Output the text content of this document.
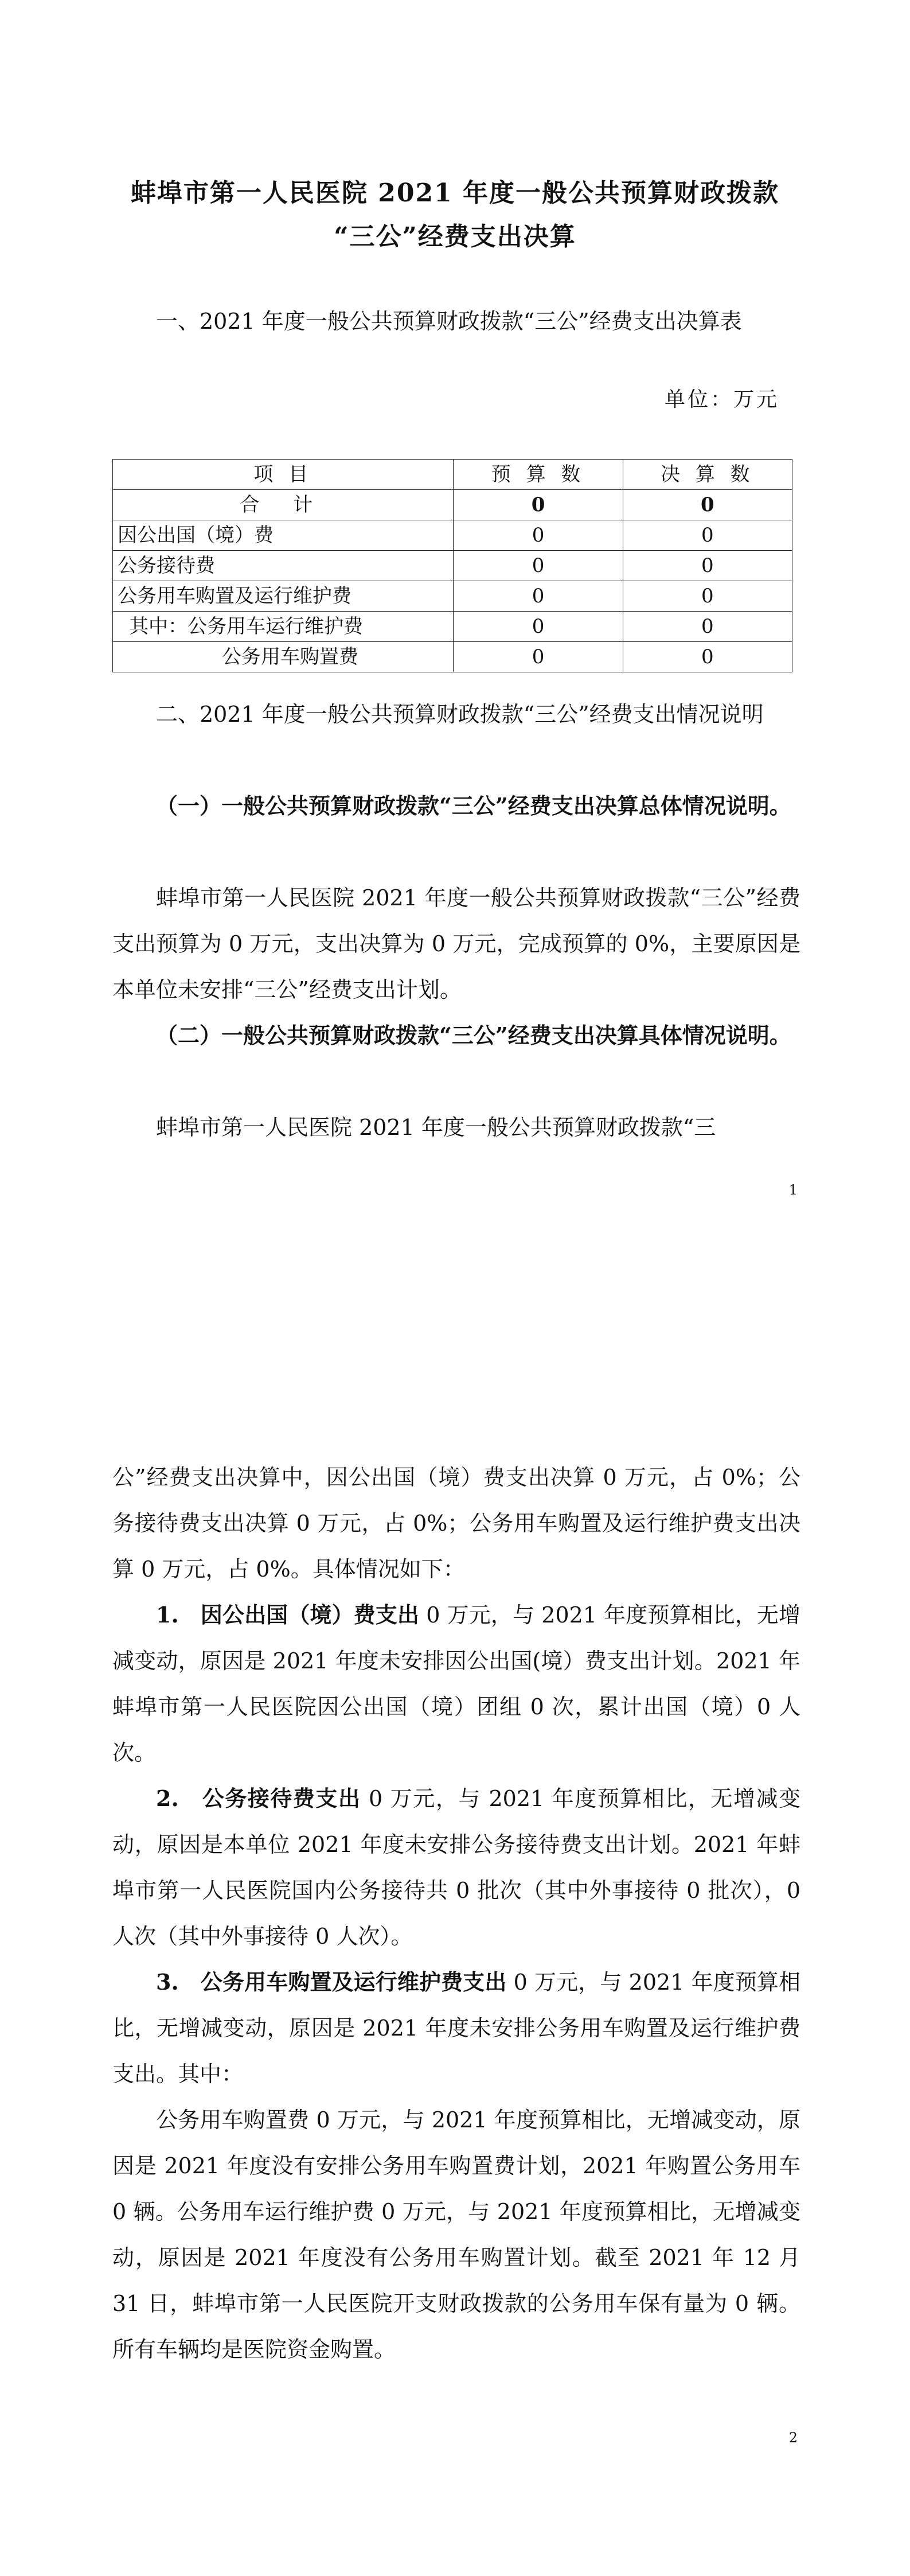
蚌埠市第一人民医院 2021 年度一般公共预算财政拨款
“三公”经费支出决算

一、2021 年度一般公共预算财政拨款“三公”经费支出决算表

单位：万元
项 目	预 算 数	决 算 数
合 计	0	0
因公出国（境）费	0	0
公务接待费	0	0
公务用车购置及运行维护费	0	0
其中：公务用车运行维护费	0	0
公务用车购置费	0	0

二、2021 年度一般公共预算财政拨款“三公”经费支出情况说明

（一）一般公共预算财政拨款“三公”经费支出决算总体情况说明。

蚌埠市第一人民医院 2021 年度一般公共预算财政拨款“三公”经费支出预算为 0 万元，支出决算为 0 万元，完成预算的 0%，主要原因是本单位未安排“三公”经费支出计划。

（二）一般公共预算财政拨款“三公”经费支出决算具体情况说明。

蚌埠市第一人民医院 2021 年度一般公共预算财政拨款“三

1

公”经费支出决算中，因公出国（境）费支出决算 0 万元，占 0%；公务接待费支出决算 0 万元，占 0%；公务用车购置及运行维护费支出决算 0 万元，占 0%。具体情况如下：

1.　因公出国（境）费支出 0 万元，与 2021 年度预算相比，无增减变动，原因是 2021 年度未安排因公出国(境）费支出计划。2021 年蚌埠市第一人民医院因公出国（境）团组 0 次，累计出国（境）0 人次。

2.　公务接待费支出 0 万元，与 2021 年度预算相比，无增减变动，原因是本单位 2021 年度未安排公务接待费支出计划。2021 年蚌埠市第一人民医院国内公务接待共 0 批次（其中外事接待 0 批次），0 人次（其中外事接待 0 人次）。

3.　公务用车购置及运行维护费支出 0 万元，与 2021 年度预算相比，无增减变动，原因是 2021 年度未安排公务用车购置及运行维护费支出。其中：

公务用车购置费 0 万元，与 2021 年度预算相比，无增减变动，原因是 2021 年度没有安排公务用车购置费计划，2021 年购置公务用车 0 辆。公务用车运行维护费 0 万元，与 2021 年度预算相比，无增减变动，原因是 2021 年度没有公务用车购置计划。截至 2021 年 12 月 31 日，蚌埠市第一人民医院开支财政拨款的公务用车保有量为 0 辆。所有车辆均是医院资金购置。

2
